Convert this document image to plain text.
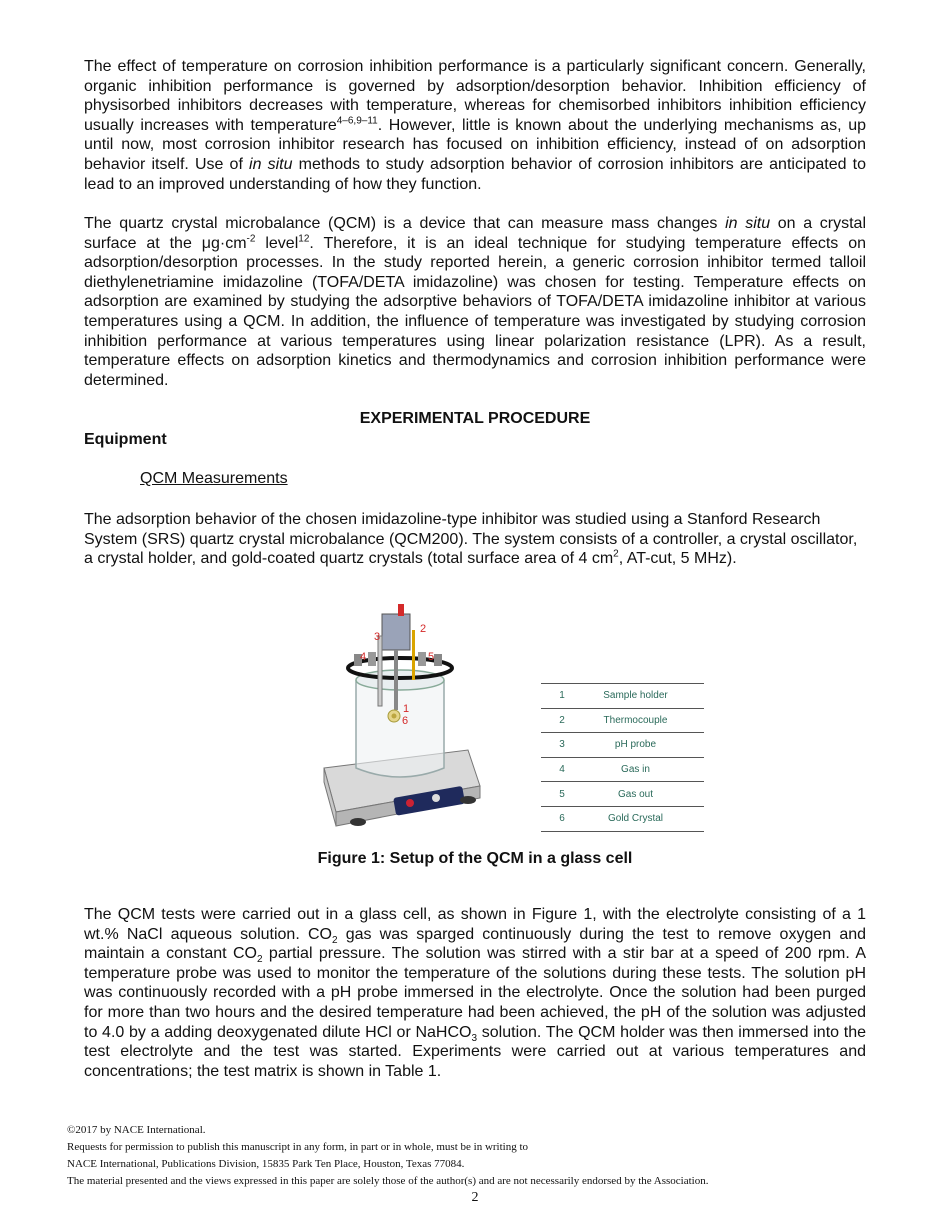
The effect of temperature on corrosion inhibition performance is a particularly significant concern. Generally, organic inhibition performance is governed by adsorption/desorption behavior. Inhibition efficiency of physisorbed inhibitors decreases with temperature, whereas for chemisorbed inhibitors inhibition efficiency usually increases with temperature$^{4-6,9-11}$. However, little is known about the underlying mechanisms as, up until now, most corrosion inhibitor research has focused on inhibition efficiency, instead of on adsorption behavior itself. Use of in situ methods to study adsorption behavior of corrosion inhibitors are anticipated to lead to an improved understanding of how they function.

The quartz crystal microbalance (QCM) is a device that can measure mass changes in situ on a crystal surface at the $\mu g\cdot cm^{-2}$ level$^{12}$. Therefore, it is an ideal technique for studying temperature effects on adsorption/desorption processes. In the study reported herein, a generic corrosion inhibitor termed talloil diethylenetriamine imidazoline (TOFA/DETA imidazoline) was chosen for testing. Temperature effects on adsorption are examined by studying the adsorptive behaviors of TOFA/DETA imidazoline inhibitor at various temperatures using a QCM. In addition, the influence of temperature was investigated by studying corrosion inhibition performance at various temperatures using linear polarization resistance (LPR). As a result, temperature effects on adsorption kinetics and thermodynamics and corrosion inhibition performance were determined.

EXPERIMENTAL PROCEDURE

Equipment

QCM Measurements

The adsorption behavior of the chosen imidazoline-type inhibitor was studied using a Stanford Research System (SRS) quartz crystal microbalance (QCM200). The system consists of a controller, a crystal oscillator, a crystal holder, and gold-coated quartz crystals (total surface area of 4 $cm^2$, AT-cut, 5 MHz).

1
2
3
4	5
6
1	Sample holder
2	Thermocouple
3	pH probe
4	Gas in
5	Gas out
6	Gold Crystal

Figure 1: Setup of the QCM in a glass cell

The QCM tests were carried out in a glass cell, as shown in Figure 1, with the electrolyte consisting of a 1 wt.% NaCl aqueous solution. $CO_2$ gas was sparged continuously during the test to remove oxygen and maintain a constant $CO_2$ partial pressure. The solution was stirred with a stir bar at a speed of 200 rpm. A temperature probe was used to monitor the temperature of the solutions during these tests. The solution pH was continuously recorded with a pH probe immersed in the electrolyte. Once the solution had been purged for more than two hours and the desired temperature had been achieved, the pH of the solution was adjusted to 4.0 by a adding deoxygenated dilute HCl or NaHCO$_3$ solution. The QCM holder was then immersed into the test electrolyte and the test was started. Experiments were carried out at various temperatures and concentrations; the test matrix is shown in Table 1.

©2017 by NACE International.

Requests for permission to publish this manuscript in any form, in part or in whole, must be in writing to

NACE International, Publications Division, 15835 Park Ten Place, Houston, Texas 77084.

The material presented and the views expressed in this paper are solely those of the author(s) and are not necessarily endorsed by the Association.

2
